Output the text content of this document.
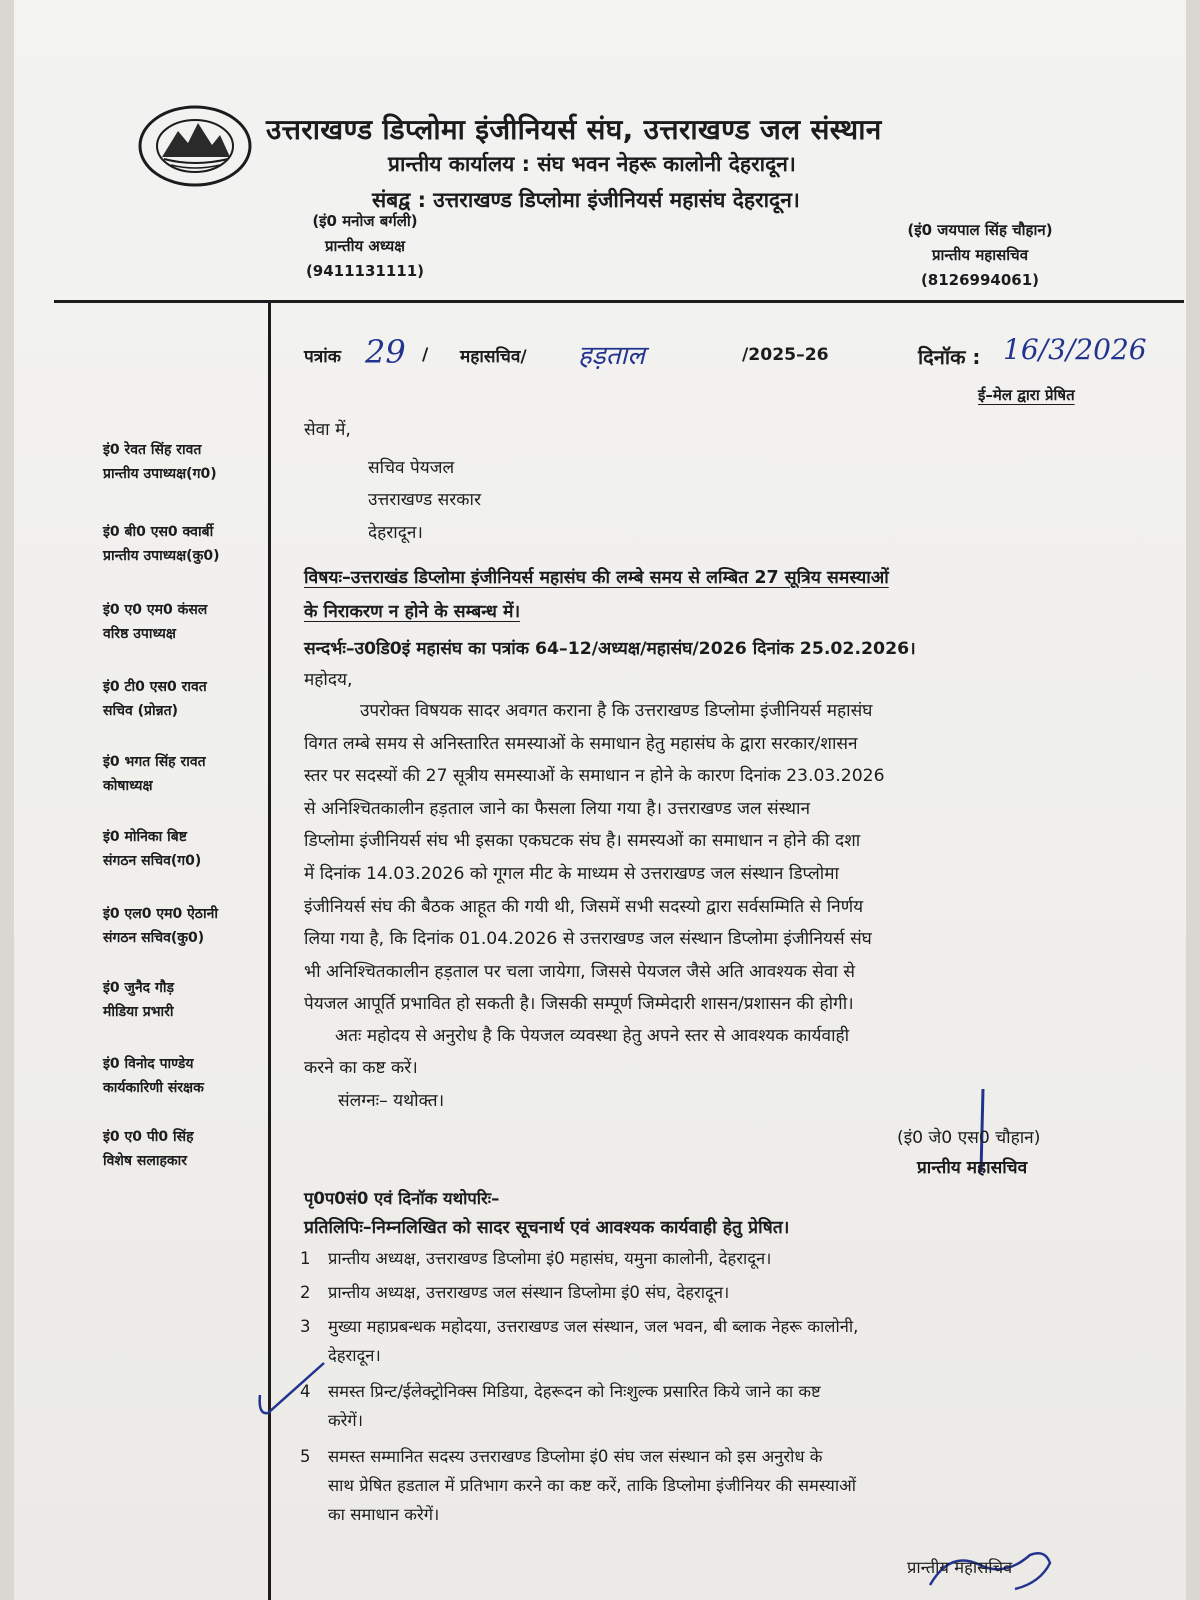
उत्तराखण्ड डिप्लोमा इंजीनियर्स संघ, उत्तराखण्ड जल संस्थान
प्रान्तीय कार्यालय : संघ भवन नेहरू कालोनी देहरादून।
संबद्व : उत्तराखण्ड डिप्लोमा इंजीनियर्स महासंघ देहरादून।
(इं0 मनोज बर्गली)
प्रान्तीय अध्यक्ष
(9411131111)
(इं0 जयपाल सिंह चौहान)
प्रान्तीय महासचिव
(8126994061)
इं0 रेवत सिंह रावत
प्रान्तीय उपाध्यक्ष(ग0)
इं0 बी0 एस0 क्वार्बी
प्रान्तीय उपाध्यक्ष(कु0)
इं0 ए0 एम0 कंसल
वरिष्ठ उपाध्यक्ष
इं0 टी0 एस0 रावत
सचिव (प्रोन्नत)
इं0 भगत सिंह रावत
कोषाध्यक्ष
इं0 मोनिका बिष्ट
संगठन सचिव(ग0)
इं0 एल0 एम0 ऐठानी
संगठन सचिव(कु0)
इं0 जुनैद गौड़
मीडिया प्रभारी
इं0 विनोद पाण्डेय
कार्यकारिणी संरक्षक
इं0 ए0 पी0 सिंह
विशेष सलाहकार
पत्रांक 29 / महासचिव/ हड़ताल	/2025–26	दिनॉक : 16/3/2026
ई–मेल द्वारा प्रेषित
सेवा में,
सचिव पेयजल
उत्तराखण्ड सरकार
देहरादून।
विषयः–उत्तराखंड डिप्लोमा इंजीनियर्स महासंघ की लम्बे समय से लम्बित 27 सूत्रिय समस्याओं
के निराकरण न होने के सम्बन्ध में।
सन्दर्भः–उ0डि0इं महासंघ का पत्रांक 64–12/अध्यक्ष/महासंघ/2026 दिनांक 25.02.2026।
महोदय,

उपरोक्त विषयक सादर अवगत कराना है कि उत्तराखण्ड डिप्लोमा इंजीनियर्स महासंघ

विगत लम्बे समय से अनिस्तारित समस्याओं के समाधान हेतु महासंघ के द्वारा सरकार/शासन

स्तर पर सदस्यों की 27 सूत्रीय समस्याओं के समाधान न होने के कारण दिनांक 23.03.2026

से अनिश्चितकालीन हड़ताल जाने का फैसला लिया गया है। उत्तराखण्ड जल संस्थान

डिप्लोमा इंजीनियर्स संघ भी इसका एकघटक संघ है। समस्यओं का समाधान न होने की दशा

में दिनांक 14.03.2026 को गूगल मीट के माध्यम से उत्तराखण्ड जल संस्थान डिप्लोमा

इंजीनियर्स संघ की बैठक आहूत की गयी थी, जिसमें सभी सदस्यो द्वारा सर्वसम्मिति से निर्णय

लिया गया है, कि दिनांक 01.04.2026 से उत्तराखण्ड जल संस्थान डिप्लोमा इंजीनियर्स संघ

भी अनिश्चितकालीन हड़ताल पर चला जायेगा, जिससे पेयजल जैसे अति आवश्यक सेवा से

पेयजल आपूर्ति प्रभावित हो सकती है। जिसकी सम्पूर्ण जिम्मेदारी शासन/प्रशासन की होगी।

अतः महोदय से अनुरोध है कि पेयजल व्यवस्था हेतु अपने स्तर से आवश्यक कार्यवाही
करने का कष्ट करें।
संलग्नः– यथोक्त।
(इं0 जे0 एस0 चौहान)
प्रान्तीय महासचिव
पृ0प0सं0 एवं दिनॉक यथोपरिः–
प्रतिलिपिः–निम्नलिखित को सादर सूचनार्थ एवं आवश्यक कार्यवाही हेतु प्रेषित।
1	प्रान्तीय अध्यक्ष, उत्तराखण्ड डिप्लोमा इं0 महासंघ, यमुना कालोनी, देहरादून।
2	प्रान्तीय अध्यक्ष, उत्तराखण्ड जल संस्थान डिप्लोमा इं0 संघ, देहरादून।
3	मुख्या महाप्रबन्धक महोदया, उत्तराखण्ड जल संस्थान, जल भवन, बी ब्लाक नेहरू कालोनी,
देहरादून।
4	समस्त प्रिन्ट/ईलेक्ट्रोनिक्स मिडिया, देहरूदन को निःशुल्क प्रसारित किये जाने का कष्ट
करेगें।
5	समस्त सम्मानित सदस्य उत्तराखण्ड डिप्लोमा इं0 संघ जल संस्थान को इस अनुरोध के
साथ प्रेषित हडताल में प्रतिभाग करने का कष्ट करें, ताकि डिप्लोमा इंजीनियर की समस्याओं
का समाधान करेगें।
प्रान्तीय महासचिव
